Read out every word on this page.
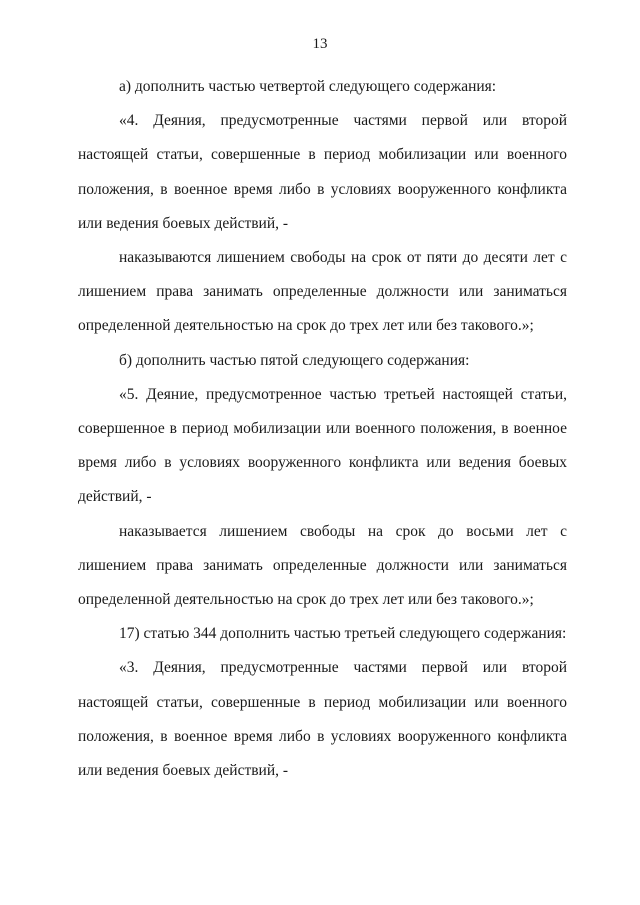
13

а) дополнить частью четвертой следующего содержания:

«4. Деяния, предусмотренные частями первой или второй настоящей статьи, совершенные в период мобилизации или военного положения, в военное время либо в условиях вооруженного конфликта или ведения боевых действий, -

наказываются лишением свободы на срок от пяти до десяти лет с лишением права занимать определенные должности или заниматься определенной деятельностью на срок до трех лет или без такового.»;

б) дополнить частью пятой следующего содержания:

«5. Деяние, предусмотренное частью третьей настоящей статьи, совершенное в период мобилизации или военного положения, в военное время либо в условиях вооруженного конфликта или ведения боевых действий, -

наказывается лишением свободы на срок до восьми лет с лишением права занимать определенные должности или заниматься определенной деятельностью на срок до трех лет или без такового.»;

17) статью 344 дополнить частью третьей следующего содержания:

«3. Деяния, предусмотренные частями первой или второй настоящей статьи, совершенные в период мобилизации или военного положения, в военное время либо в условиях вооруженного конфликта или ведения боевых действий, -
